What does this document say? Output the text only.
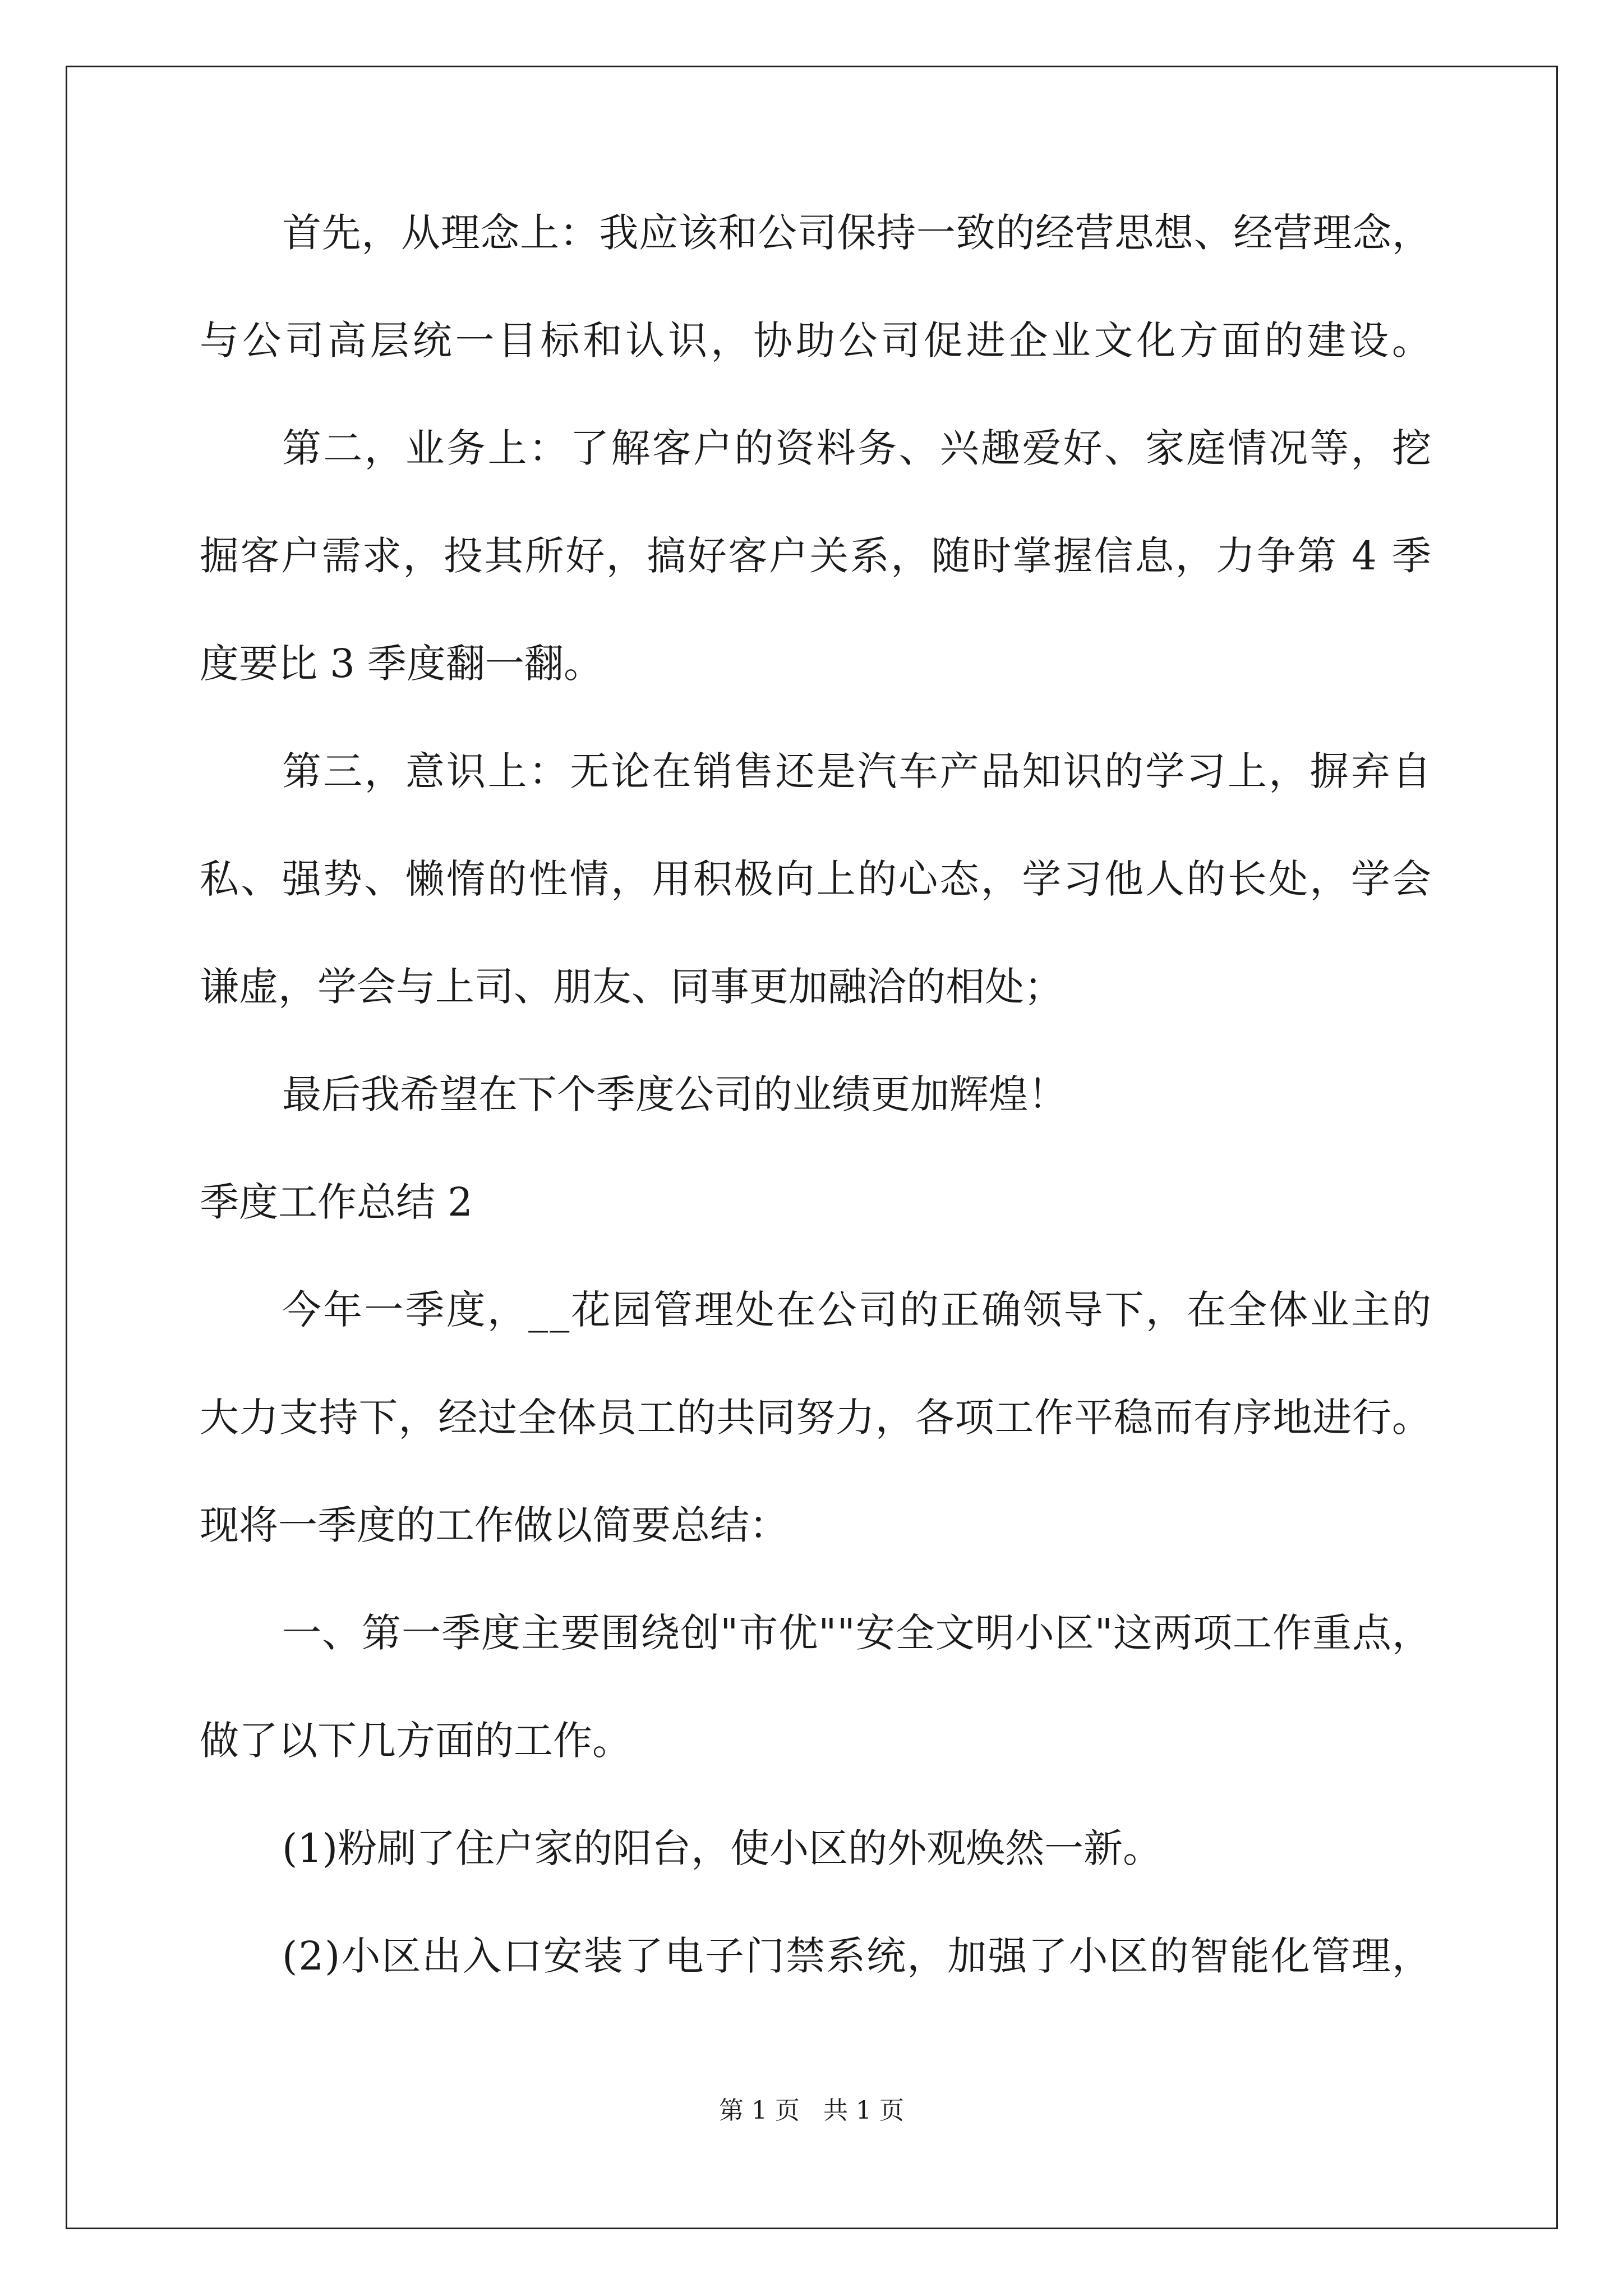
首先，从理念上：我应该和公司保持一致的经营思想、经营理念，
与公司高层统一目标和认识，协助公司促进企业文化方面的建设。
第二，业务上：了解客户的资料务、兴趣爱好、家庭情况等，挖
掘客户需求，投其所好，搞好客户关系，随时掌握信息，力争第 4 季
度要比 3 季度翻一翻。
第三，意识上：无论在销售还是汽车产品知识的学习上，摒弃自
私、强势、懒惰的性情，用积极向上的心态，学习他人的长处，学会
谦虚，学会与上司、朋友、同事更加融洽的相处；
最后我希望在下个季度公司的业绩更加辉煌！
季度工作总结 2
今年一季度，__花园管理处在公司的正确领导下，在全体业主的
大力支持下，经过全体员工的共同努力，各项工作平稳而有序地进行。
现将一季度的工作做以简要总结：
一、第一季度主要围绕创"市优""安全文明小区"这两项工作重点，
做了以下几方面的工作。
(1)粉刷了住户家的阳台，使小区的外观焕然一新。
(2)小区出入口安装了电子门禁系统，加强了小区的智能化管理，
第 1 页   共 1 页
